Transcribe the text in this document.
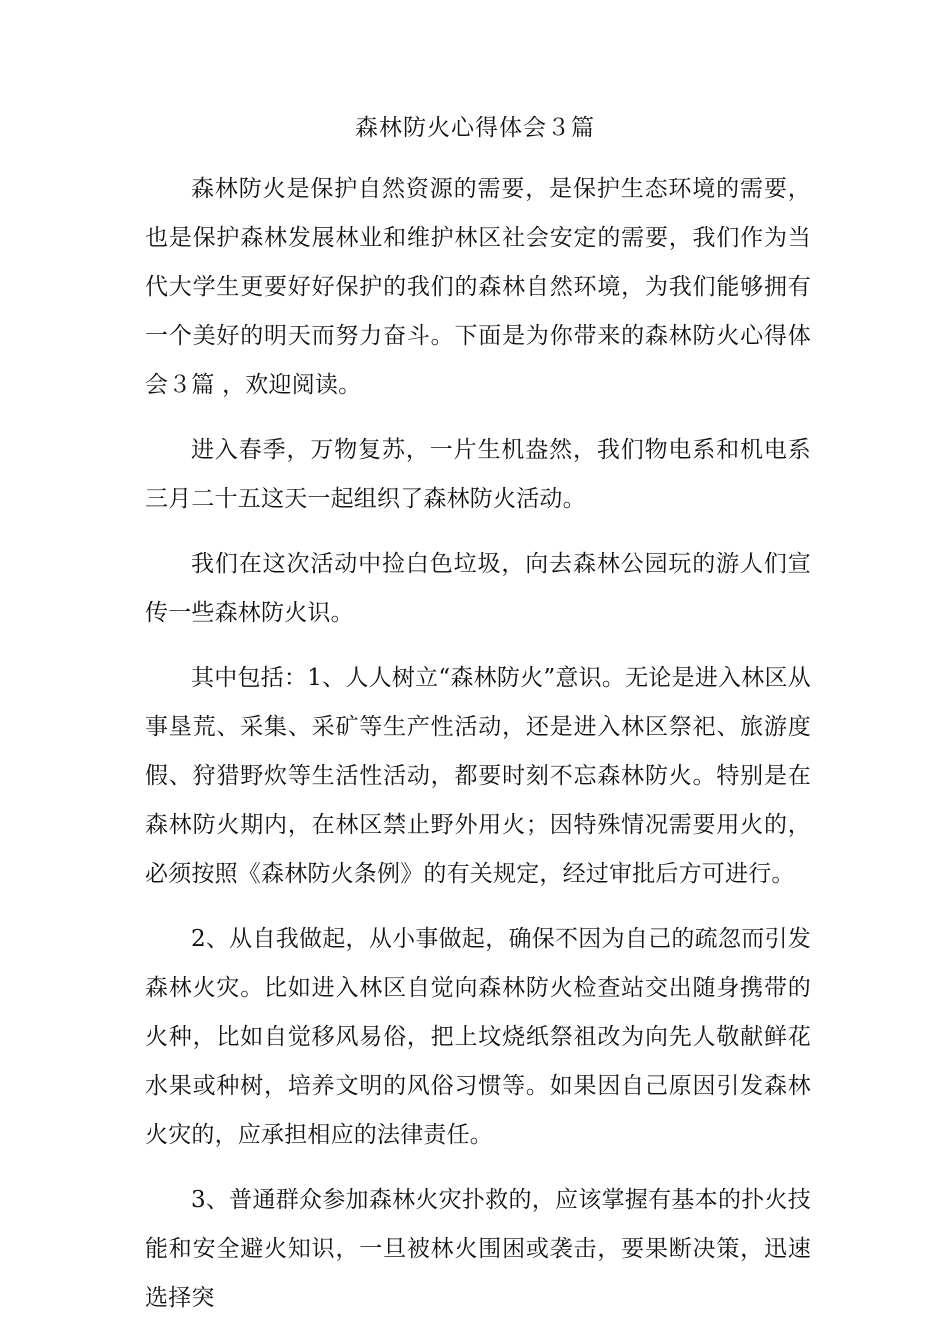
森林防火心得体会３篇

森林防火是保护自然资源的需要，是保护生态环境的需要，也是保护森林发展林业和维护林区社会安定的需要，我们作为当代大学生更要好好保护的我们的森林自然环境，为我们能够拥有一个美好的明天而努力奋斗。下面是为你带来的森林防火心得体会３篇 ，欢迎阅读。

进入春季，万物复苏，一片生机盎然，我们物电系和机电系三月二十五这天一起组织了森林防火活动。

我们在这次活动中捡白色垃圾，向去森林公园玩的游人们宣传一些森林防火识。

其中包括：1、人人树立“森林防火”意识。无论是进入林区从事垦荒、采集、采矿等生产性活动，还是进入林区祭祀、旅游度假、狩猎野炊等生活性活动，都要时刻不忘森林防火。特别是在森林防火期内，在林区禁止野外用火；因特殊情况需要用火的，必须按照《森林防火条例》的有关规定，经过审批后方可进行。

2、从自我做起，从小事做起，确保不因为自己的疏忽而引发森林火灾。比如进入林区自觉向森林防火检查站交出随身携带的火种，比如自觉移风易俗，把上坟烧纸祭祖改为向先人敬献鲜花水果或种树，培养文明的风俗习惯等。如果因自己原因引发森林火灾的，应承担相应的法律责任。

3、普通群众参加森林火灾扑救的，应该掌握有基本的扑火技能和安全避火知识，一旦被林火围困或袭击，要果断决策，迅速选择突
